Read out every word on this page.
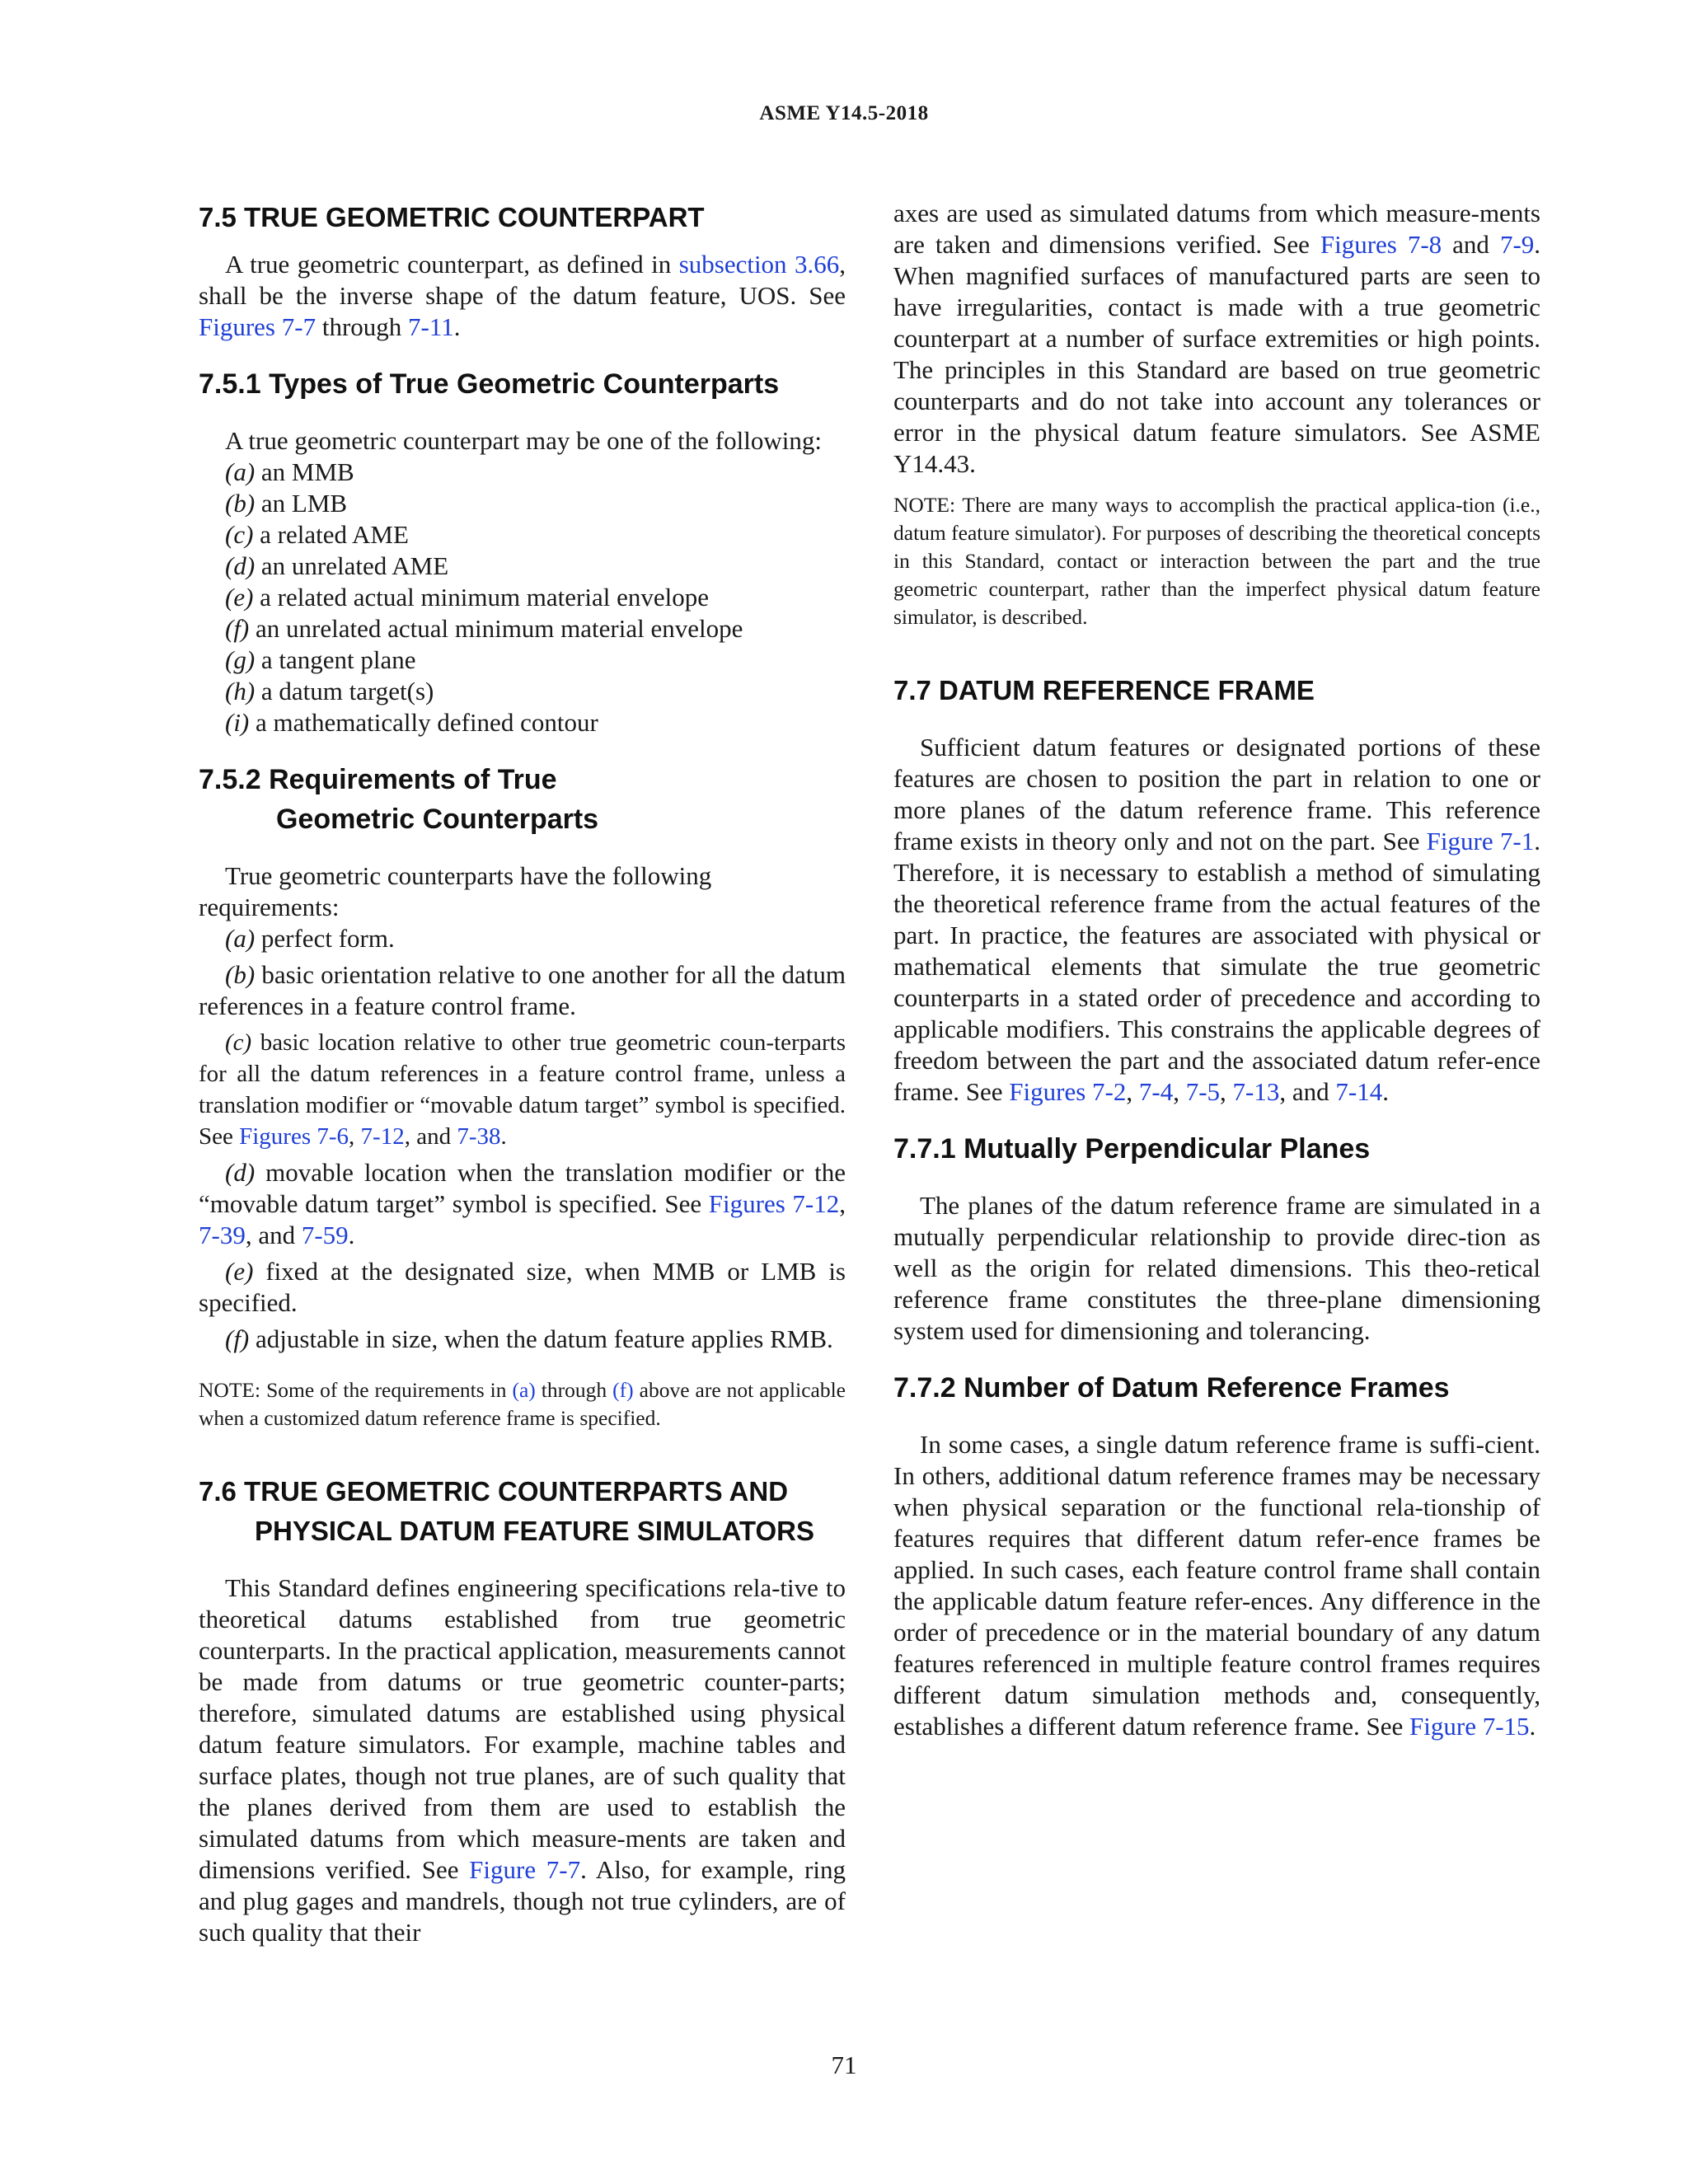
ASME Y14.5-2018
7.5 TRUE GEOMETRIC COUNTERPART

A true geometric counterpart, as defined in subsection 3.66, shall be the inverse shape of the datum feature, UOS. See Figures 7-7 through 7-11.

7.5.1 Types of True Geometric Counterparts

A true geometric counterpart may be one of the following:

(a) an MMB
(b) an LMB
(c) a related AME
(d) an unrelated AME
(e) a related actual minimum material envelope
(f) an unrelated actual minimum material envelope
(g) a tangent plane
(h) a datum target(s)
(i) a mathematically defined contour
7.5.2 Requirements of True
Geometric Counterparts

True geometric counterparts have the following requirements:

(a) perfect form.
(b) basic orientation relative to one another for all the datum references in a feature control frame.
(c) basic location relative to other true geometric coun-terparts for all the datum references in a feature control frame, unless a translation modifier or “movable datum target” symbol is specified. See Figures 7-6, 7-12, and 7-38.
(d) movable location when the translation modifier or the “movable datum target” symbol is specified. See Figures 7-12, 7-39, and 7-59.
(e) fixed at the designated size, when MMB or LMB is specified.
(f) adjustable in size, when the datum feature applies RMB.

NOTE: Some of the requirements in (a) through (f) above are not applicable when a customized datum reference frame is specified.

7.6 TRUE GEOMETRIC COUNTERPARTS AND
PHYSICAL DATUM FEATURE SIMULATORS

This Standard defines engineering specifications rela-tive to theoretical datums established from true geometric counterparts. In the practical application, measurements cannot be made from datums or true geometric counter-parts; therefore, simulated datums are established using physical datum feature simulators. For example, machine tables and surface plates, though not true planes, are of such quality that the planes derived from them are used to establish the simulated datums from which measure-ments are taken and dimensions verified. See Figure 7-7. Also, for example, ring and plug gages and mandrels, though not true cylinders, are of such quality that their

axes are used as simulated datums from which measure-ments are taken and dimensions verified. See Figures 7-8 and 7-9. When magnified surfaces of manufactured parts are seen to have irregularities, contact is made with a true geometric counterpart at a number of surface extremities or high points. The principles in this Standard are based on true geometric counterparts and do not take into account any tolerances or error in the physical datum feature simulators. See ASME Y14.43.

NOTE: There are many ways to accomplish the practical applica-tion (i.e., datum feature simulator). For purposes of describing the theoretical concepts in this Standard, contact or interaction between the part and the true geometric counterpart, rather than the imperfect physical datum feature simulator, is described.

7.7 DATUM REFERENCE FRAME

Sufficient datum features or designated portions of these features are chosen to position the part in relation to one or more planes of the datum reference frame. This reference frame exists in theory only and not on the part. See Figure 7-1. Therefore, it is necessary to establish a method of simulating the theoretical reference frame from the actual features of the part. In practice, the features are associated with physical or mathematical elements that simulate the true geometric counterparts in a stated order of precedence and according to applicable modifiers. This constrains the applicable degrees of freedom between the part and the associated datum refer-ence frame. See Figures 7-2, 7-4, 7-5, 7-13, and 7-14.

7.7.1 Mutually Perpendicular Planes

The planes of the datum reference frame are simulated in a mutually perpendicular relationship to provide direc-tion as well as the origin for related dimensions. This theo-retical reference frame constitutes the three-plane dimensioning system used for dimensioning and tolerancing.

7.7.2 Number of Datum Reference Frames

In some cases, a single datum reference frame is suffi-cient. In others, additional datum reference frames may be necessary when physical separation or the functional rela-tionship of features requires that different datum refer-ence frames be applied. In such cases, each feature control frame shall contain the applicable datum feature refer-ences. Any difference in the order of precedence or in the material boundary of any datum features referenced in multiple feature control frames requires different datum simulation methods and, consequently, establishes a different datum reference frame. See Figure 7-15.

71
